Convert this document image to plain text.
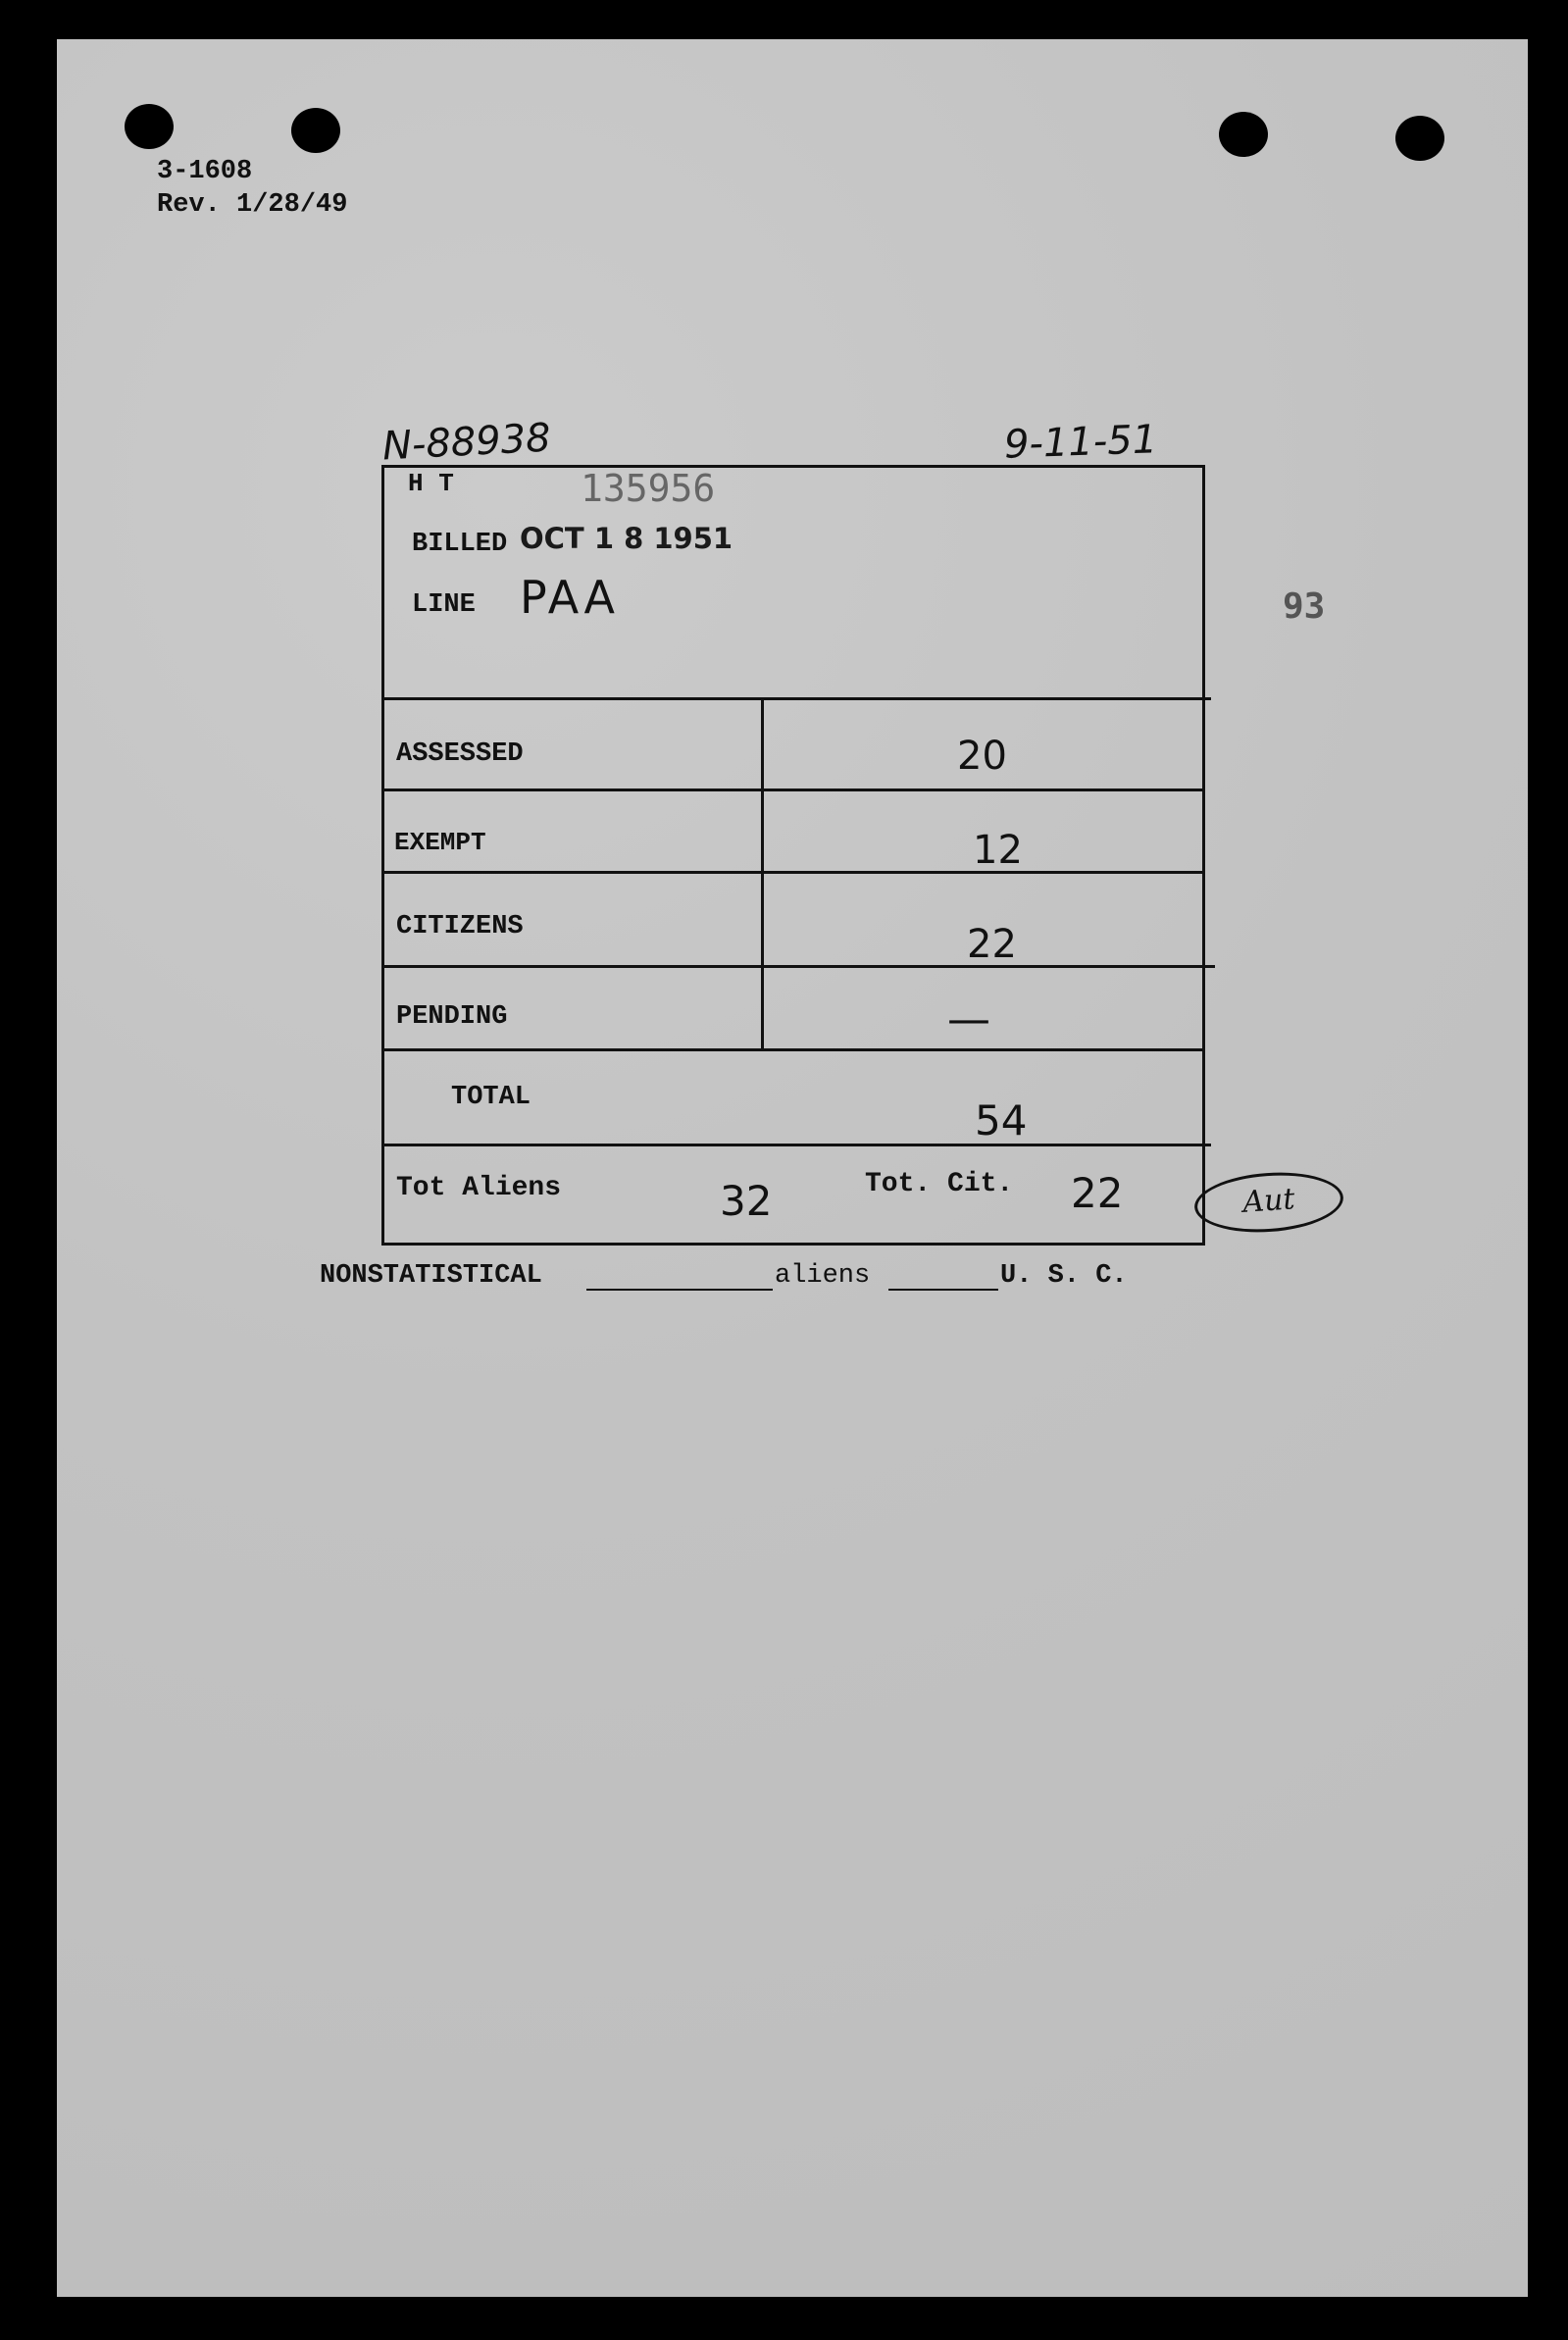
3-1608
Rev. 1/28/49
N-88938	9-11-51
93
H T	135956
BILLED OCT 1 8 1951
LINE PAA
ASSESSED	20
EXEMPT	12
CITIZENS	22
PENDING	—
TOTAL	54
Tot Aliens	32	Tot. Cit. 22	Aut
NONSTATISTICAL	aliens	U. S. C.
